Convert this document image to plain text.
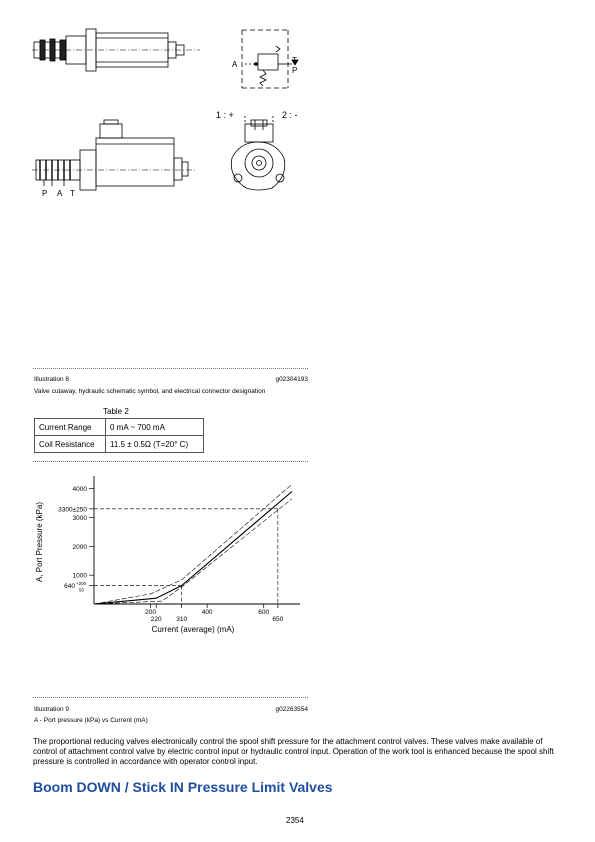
A	T
P
P A T
1 : +	2 : -
Illustration 8	g02304193
Valve cutaway, hydraulic schematic symbol, and electrical connector designation
Table 2
Current Range	0 mA ~ 700 mA
Coil Resistance	11.5 ± 0.5Ω (T=20° C)
1000
2000
3000
3300±250
4000
640 +200
50
200
220 310
400	600
650
A, Port Pressure (kPa)
Current (average) (mA)
Illustration 9	g02263554
A - Port pressure (kPa) vs Current (mA)
The proportional reducing valves electronically control the spool shift pressure for the attachment control valves. These valves make available of control of attachment control valve by electric control input or hydraulic control input. Operation of the work tool is enhanced because the spool shift pressure is controlled in accordance with operator control input.
Boom DOWN / Stick IN Pressure Limit Valves
2354
